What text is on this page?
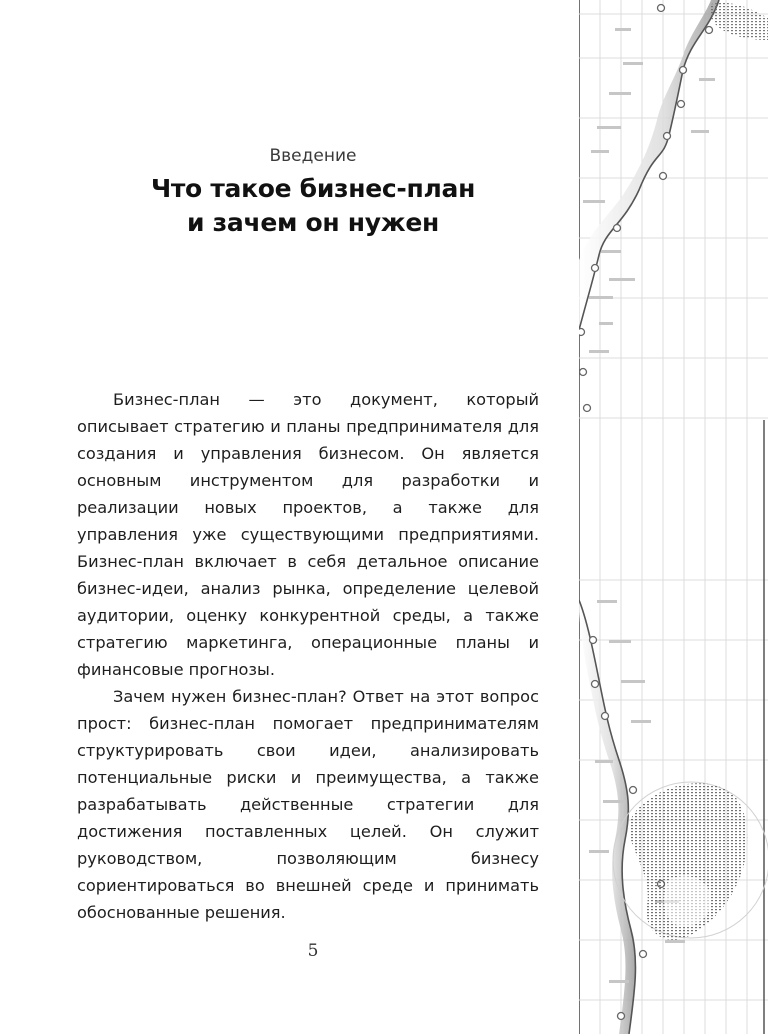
Введение
Что такое бизнес-план
и зачем он нужен

Бизнес-план — это документ, который описывает стратегию и планы предпринимателя для создания и управления бизнесом. Он является основным инструментом для разработки и реализации новых проектов, а также для управления уже существующими предприятиями. Бизнес-план включает в себя детальное описание бизнес-идеи, анализ рынка, определение целевой аудитории, оценку конкурентной среды, а также стратегию маркетинга, операционные планы и финансовые прогнозы.

Зачем нужен бизнес-план? Ответ на этот вопрос прост: бизнес-план помогает предпринимателям структурировать свои идеи, анализировать потенциальные риски и преимущества, а также разрабатывать действенные стратегии для достижения поставленных целей. Он служит руководством, позволяющим бизнесу сориентироваться во внешней среде и принимать обоснованные решения.

5
